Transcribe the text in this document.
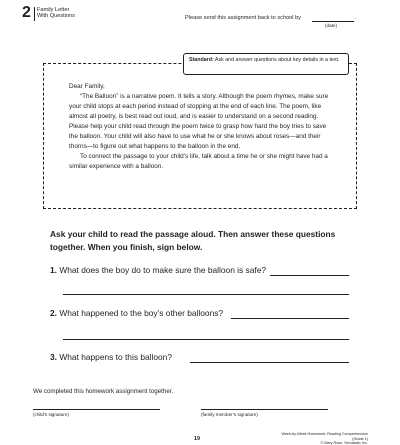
2 Family Letter
With Questions	Please send this assignment back to school by	.
(date)
Standard: Ask and answer questions about key details in a text.
Dear Family,

“The Balloon” is a narrative poem. It tells a story. Although the poem rhymes, make sure your child stops at each period instead of stopping at the end of each line. The poem, like almost all poetry, is best read out loud, and is easier to understand on a second reading. Please help your child read through the poem twice to grasp how hard the boy tries to save the balloon. Your child will also have to use what he or she knows about roses—and their thorns—to figure out what happens to the balloon in the end.

To connect the passage to your child’s life, talk about a time he or she might have had a similar experience with a balloon.

Ask your child to read the passage aloud. Then answer these questions together. When you finish, sign below.
1. What does the boy do to make sure the balloon is safe?
2. What happened to the boy’s other balloons?
3. What happens to this balloon?
We completed this homework assignment together.
(child’s signature)	(family member’s signature)
19
Week-by-Week Homework: Reading Comprehension (Grade 1)
© Mary Rose, Scholastic Inc.
